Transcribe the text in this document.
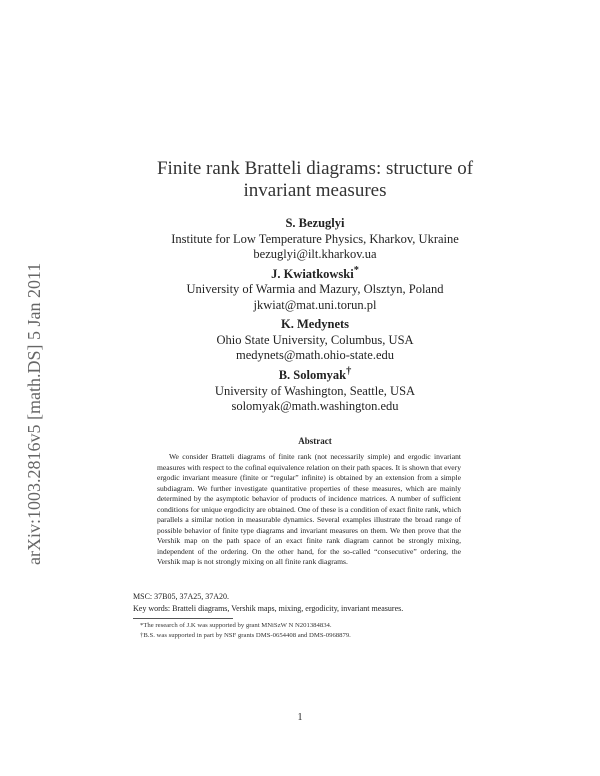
arXiv:1003.2816v5 [math.DS] 5 Jan 2011
Finite rank Bratteli diagrams: structure of
invariant measures
S. Bezuglyi
Institute for Low Temperature Physics, Kharkov, Ukraine
bezuglyi@ilt.kharkov.ua
J. Kwiatkowski*
University of Warmia and Mazury, Olsztyn, Poland
jkwiat@mat.uni.torun.pl
K. Medynets
Ohio State University, Columbus, USA
medynets@math.ohio-state.edu
B. Solomyak†
University of Washington, Seattle, USA
solomyak@math.washington.edu
Abstract
We consider Bratteli diagrams of finite rank (not necessarily simple) and ergodic invariant measures with respect to the cofinal equivalence relation on their path spaces. It is shown that every ergodic invariant measure (finite or “regular” infinite) is obtained by an extension from a simple subdiagram. We further investigate quantitative properties of these measures, which are mainly determined by the asymptotic behavior of products of incidence matrices. A number of sufficient conditions for unique ergodicity are obtained. One of these is a condition of exact finite rank, which parallels a similar notion in measurable dynamics. Several examples illustrate the broad range of possible behavior of finite type diagrams and invariant measures on them. We then prove that the Vershik map on the path space of an exact finite rank diagram cannot be strongly mixing, independent of the ordering. On the other hand, for the so-called “consecutive” ordering, the Vershik map is not strongly mixing on all finite rank diagrams.
MSC: 37B05, 37A25, 37A20.
Key words: Bratteli diagrams, Vershik maps, mixing, ergodicity, invariant measures.
*The research of J.K was supported by grant MNiSzW N N201384834.
†B.S. was supported in part by NSF grants DMS-0654408 and DMS-0968879.
1
